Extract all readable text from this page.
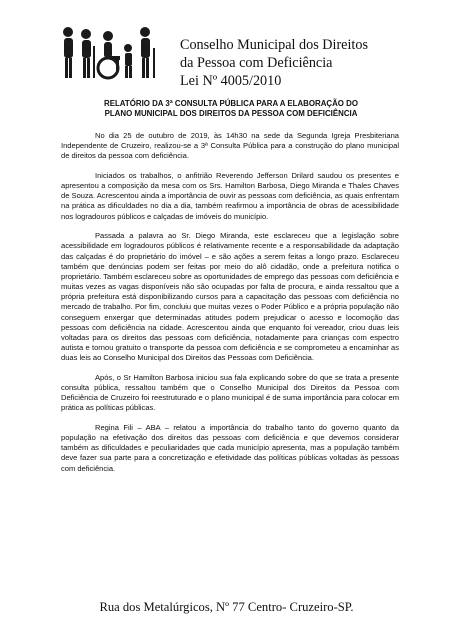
Conselho Municipal dos Direitos
da Pessoa com Deficiência
Lei Nº 4005/2010
RELATÓRIO DA 3ª CONSULTA PÚBLICA PARA A ELABORAÇÃO DO
PLANO MUNICIPAL DOS DIREITOS DA PESSOA COM DEFICIÊNCIA

No dia 25 de outubro de 2019, às 14h30 na sede da Segunda Igreja Presbiteriana Independente de Cruzeiro, realizou-se a 3ª Consulta Pública para a construção do plano municipal de direitos da pessoa com deficiência.

Iniciados os trabalhos, o anfitrião Reverendo Jefferson Drilard saudou os presentes e apresentou a composição da mesa com os Srs. Hamilton Barbosa, Diego Miranda e Thales Chaves de Souza. Acrescentou ainda a importância de ouvir as pessoas com deficiência, as quais enfrentam na prática as dificuldades no dia a dia, também reafirmou a importância de obras de acessibilidade nos logradouros públicos e calçadas de imóveis do município.

Passada a palavra ao Sr. Diego Miranda, este esclareceu que a legislação sobre acessibilidade em logradouros públicos é relativamente recente e a responsabilidade da adaptação das calçadas é do proprietário do imóvel – e são ações a serem feitas a longo prazo. Esclareceu também que denúncias podem ser feitas por meio do alô cidadão, onde a prefeitura notifica o proprietário. Também esclareceu sobre as oportunidades de emprego das pessoas com deficiência e muitas vezes as vagas disponíveis não são ocupadas por falta de procura, e ainda ressaltou que a própria prefeitura está disponibilizando cursos para a capacitação das pessoas com deficiência no mercado de trabalho. Por fim, concluiu que muitas vezes o Poder Público e a própria população não conseguem enxergar que determinadas atitudes podem prejudicar o acesso e locomoção das pessoas com deficiência na cidade. Acrescentou ainda que enquanto foi vereador, criou duas leis voltadas para os direitos das pessoas com deficiência, notadamente para crianças com espectro autista e tornou gratuito o transporte da pessoa com deficiência e se comprometeu a encaminhar as duas leis ao Conselho Municipal dos Direitos das Pessoas com Deficiência.

Após, o Sr Hamilton Barbosa iniciou sua fala explicando sobre do que se trata a presente consulta pública, ressaltou também que o Conselho Municipal dos Direitos da Pessoa com Deficiência de Cruzeiro foi reestruturado e o plano municipal é de suma importância para colocar em prática as políticas públicas.

Regina Fili – ABA – relatou a importância do trabalho tanto do governo quanto da população na efetivação dos direitos das pessoas com deficiência e que devemos considerar também as dificuldades e peculiaridades que cada município apresenta, mas a população também deve fazer sua parte para a concretização e efetividade das políticas públicas voltadas às pessoas com deficiência.

Rua dos Metalúrgicos, Nº 77 Centro- Cruzeiro-SP.
